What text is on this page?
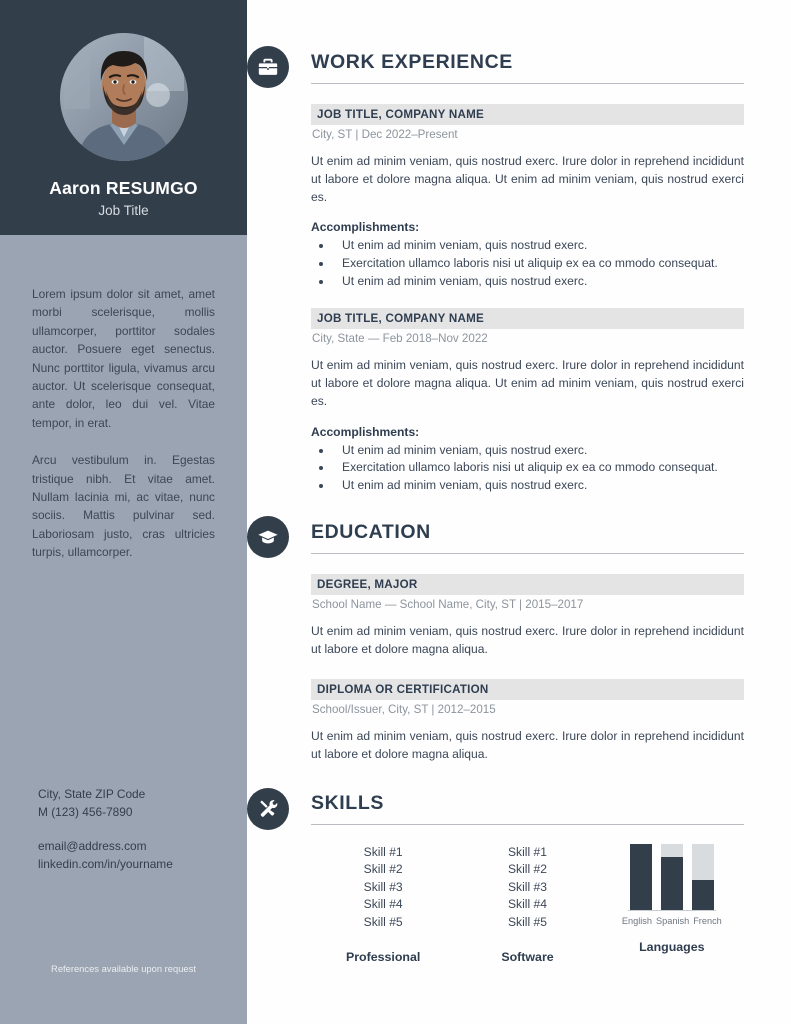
Aaron RESUMGO
Job Title

Lorem ipsum dolor sit amet, amet morbi scelerisque, mollis ullamcorper, porttitor sodales auctor. Posuere eget senectus. Nunc porttitor ligula, vivamus arcu auctor. Ut scelerisque consequat, ante dolor, leo dui vel. Vitae tempor, in erat.

Arcu vestibulum in. Egestas tristique nibh. Et vitae amet. Nullam lacinia mi, ac vitae, nunc sociis. Mattis pulvinar sed. Laboriosam justo, cras ultricies turpis, ullamcorper.

City, State ZIP Code
M (123) 456-7890
email@address.com
linkedin.com/in/yourname
References available upon request
WORK EXPERIENCE
JOB TITLE, COMPANY NAME
City, ST | Dec 2022–Present
Ut enim ad minim veniam, quis nostrud exerc. Irure dolor in reprehend incididunt ut labore et dolore magna aliqua. Ut enim ad minim veniam, quis nostrud exerci es.
Accomplishments:
• Ut enim ad minim veniam, quis nostrud exerc.
• Exercitation ullamco laboris nisi ut aliquip ex ea co mmodo consequat.
• Ut enim ad minim veniam, quis nostrud exerc.
JOB TITLE, COMPANY NAME
City, State — Feb 2018–Nov 2022
Ut enim ad minim veniam, quis nostrud exerc. Irure dolor in reprehend incididunt ut labore et dolore magna aliqua. Ut enim ad minim veniam, quis nostrud exerci es.
Accomplishments:
• Ut enim ad minim veniam, quis nostrud exerc.
• Exercitation ullamco laboris nisi ut aliquip ex ea co mmodo consequat.
• Ut enim ad minim veniam, quis nostrud exerc.
EDUCATION
DEGREE, MAJOR
School Name — School Name, City, ST | 2015–2017
Ut enim ad minim veniam, quis nostrud exerc. Irure dolor in reprehend incididunt ut labore et dolore magna aliqua.
DIPLOMA OR CERTIFICATION
School/Issuer, City, ST | 2012–2015
Ut enim ad minim veniam, quis nostrud exerc. Irure dolor in reprehend incididunt ut labore et dolore magna aliqua.
SKILLS
Skill #1
Skill #2
Skill #3
Skill #4
Skill #5
Professional
Skill #1
Skill #2
Skill #3
Skill #4
Skill #5
Software
English Spanish French
Languages
